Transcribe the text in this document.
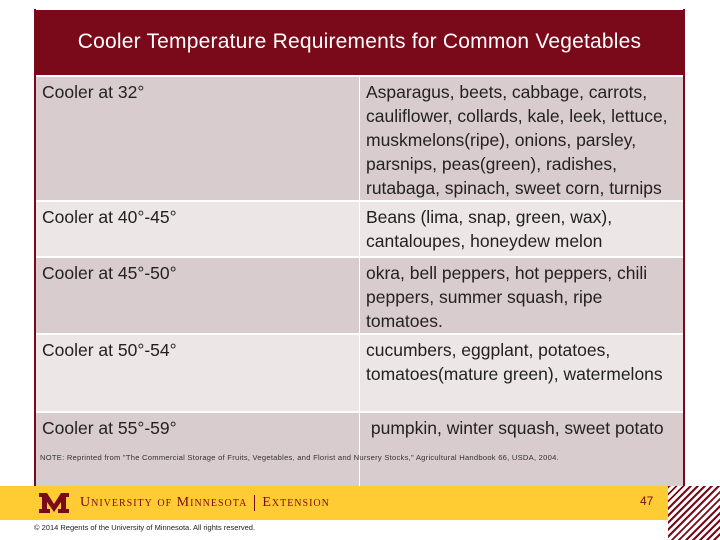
Cooler Temperature Requirements for Common Vegetables	
Cooler at 32°	Asparagus, beets, cabbage, carrots, cauliflower, collards, kale, leek, lettuce, muskmelons(ripe), onions, parsley, parsnips, peas(green), radishes, rutabaga, spinach, sweet corn, turnips
Cooler at 40°-45°	Beans (lima, snap, green, wax), cantaloupes, honeydew melon
Cooler at 45°-50°	okra, bell peppers, hot peppers, chili peppers, summer squash, ripe tomatoes.
Cooler at 50°-54°	cucumbers, eggplant, potatoes, tomatoes(mature green), watermelons
Cooler at 55°-59°	pumpkin, winter squash, sweet potato
NOTE: Reprinted from "The Commercial Storage of Fruits, Vegetables, and Florist and Nursery Stocks," Agricultural Handbook 66, USDA, 2004.
University of Minnesota Extension	47
© 2014 Regents of the University of Minnesota. All rights reserved.
